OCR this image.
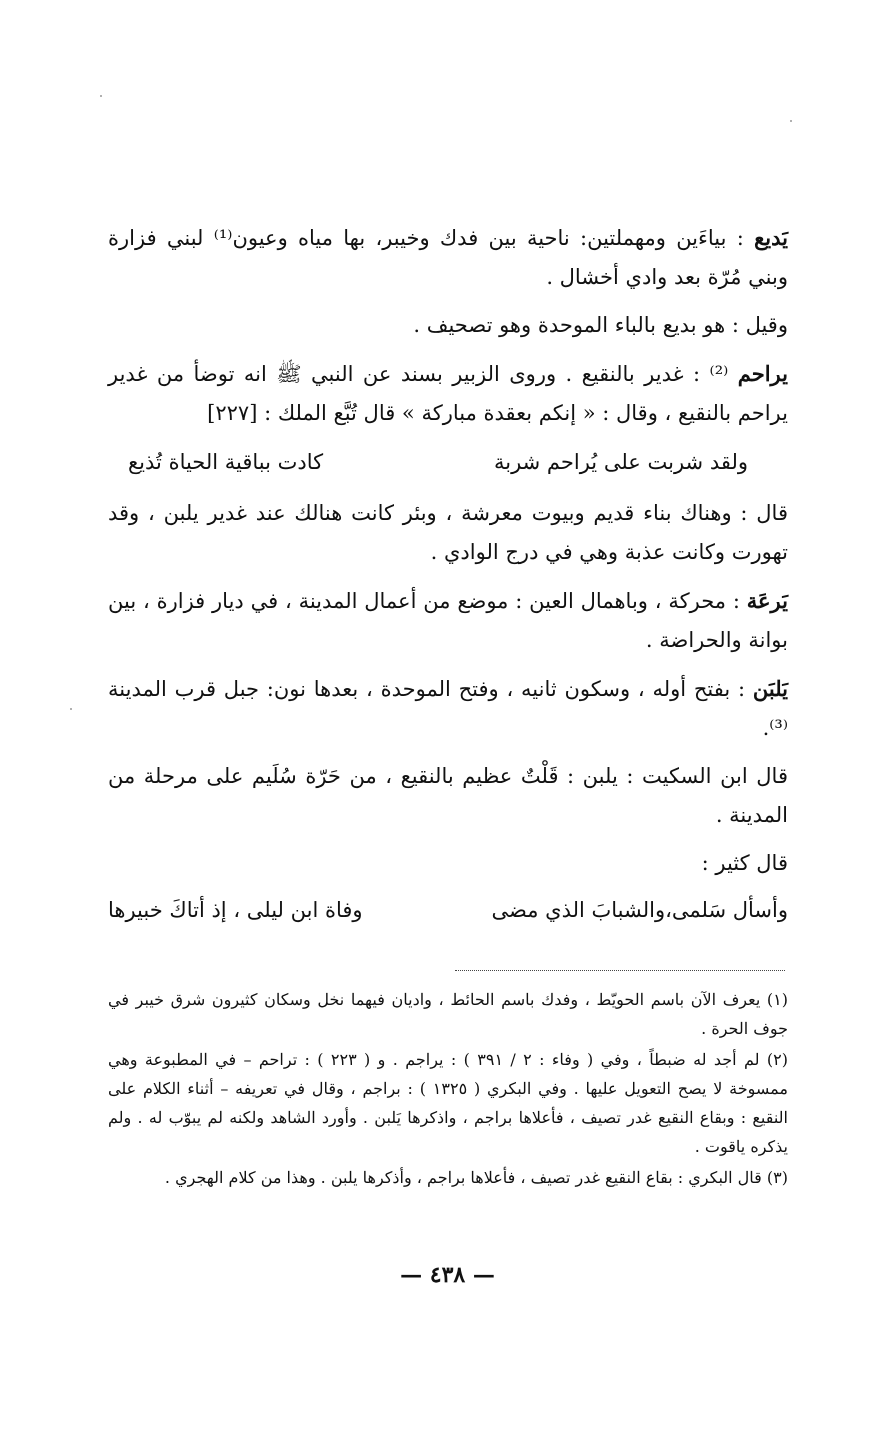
يَديع : بياءَين ومهملتين: ناحية بين فدك وخيبر، بها مياه وعيون⁽¹⁾ لبني فزارة وبني مُرّة بعد وادي أخشال .

وقيل : هو بديع بالباء الموحدة وهو تصحيف .

يراحم ⁽²⁾ : غدير بالنقيع . وروى الزبير بسند عن النبي ﷺ انه توضأ من غدير يراحم بالنقيع ، وقال : « إنكم بعقدة مباركة » قال تُبَّع الملك : [٢٢٧]

ولقد شربت على يُراحم شربة
كادت بباقية الحياة تُذيع

قال : وهناك بناء قديم وبيوت معرشة ، وبئر كانت هنالك عند غدير يلبن ، وقد تهورت وكانت عذبة وهي في درج الوادي .

يَرعَة : محركة ، وباهمال العين : موضع من أعمال المدينة ، في ديار فزارة ، بين بوانة والحراضة .

يَلبَن : بفتح أوله ، وسكون ثانيه ، وفتح الموحدة ، بعدها نون: جبل قرب المدينة ⁽³⁾.

قال ابن السكيت : يلبن : قَلْتٌ عظيم بالنقيع ، من حَرّة سُلَيم على مرحلة من المدينة .

قال كثير :

وأسأل سَلمى،والشبابَ الذي مضى
وفاة ابن ليلى ، إذ أتاكَ خبيرها

(١) يعرف الآن باسم الحويّط ، وفدك باسم الحائط ، واديان فيهما نخل وسكان كثيرون شرق خيبر في جوف الحرة .

(٢) لم أجد له ضبطاً ، وفي ( وفاء : ٢ / ٣٩١ ) : يراجم . و ( ٢٢٣ ) : تراحم – في المطبوعة وهي ممسوخة لا يصح التعويل عليها . وفي البكري ( ١٣٢٥ ) : براجم ، وقال في تعريفه – أثناء الكلام على النقيع : وبقاع النقيع غدر تصيف ، فأعلاها براجم ، واذكرها يَلبن . وأورد الشاهد ولكنه لم يبوّب له . ولم يذكره ياقوت .

(٣) قال البكري : بقاع النقيع غدر تصيف ، فأعلاها براجم ، وأذكرها يلبن . وهذا من كلام الهجري .

— ٤٣٨ —
